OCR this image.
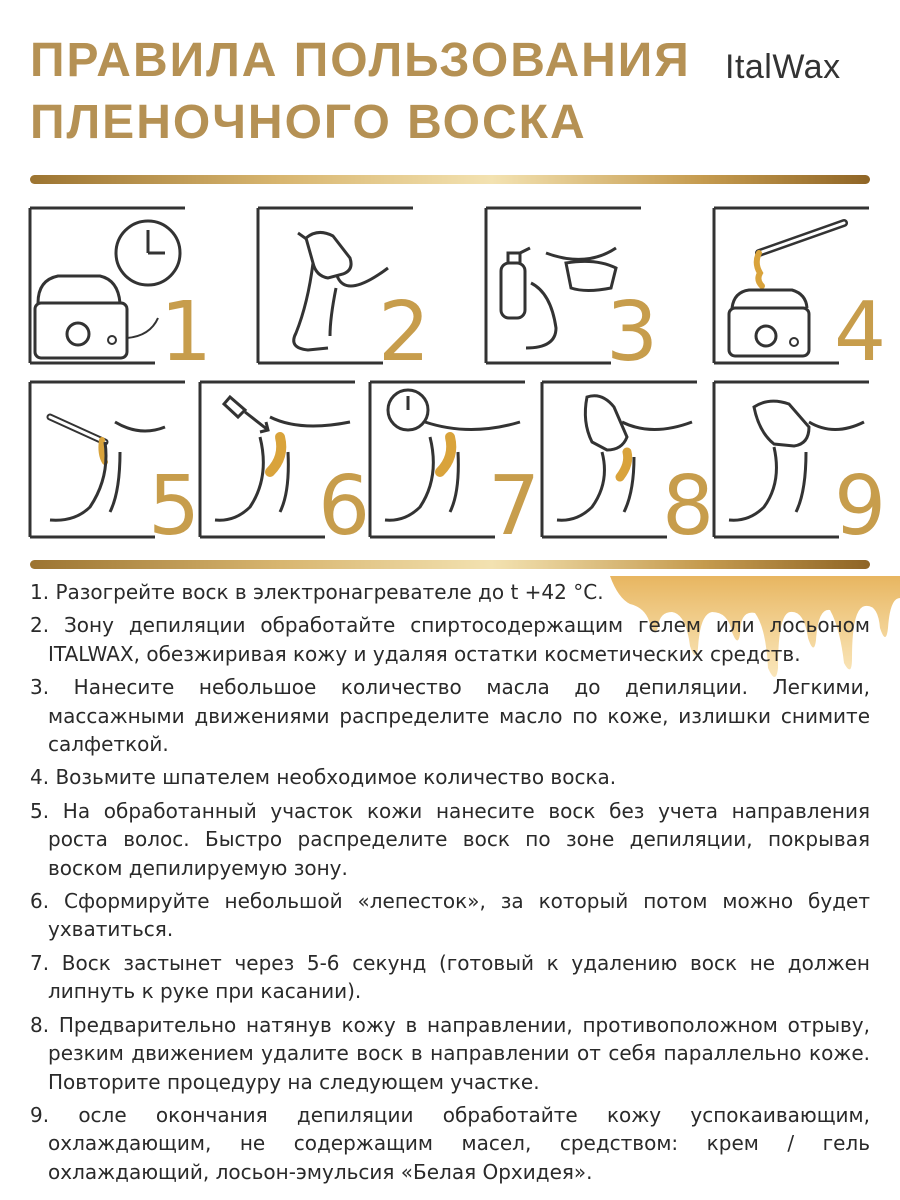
ПРАВИЛА ПОЛЬЗОВАНИЯ
ПЛЕНОЧНОГО ВОСКА
ItalWax
1 2 3 4
5 6 7 8 9
1. Разогрейте воск в электронагревателе до t +42 °С.
2. Зону депиляции обработайте спиртосодержащим гелем или лосьоном ITALWAX, обезжиривая кожу и удаляя остатки косметических средств.
3. Нанесите небольшое количество масла до депиляции. Легкими, массажными движениями распределите масло по коже, излишки снимите салфеткой.
4. Возьмите шпателем необходимое количество воска.
5. На обработанный участок кожи нанесите воск без учета направления роста волос. Быстро распределите воск по зоне депиляции, покрывая воском депилируемую зону.
6. Сформируйте небольшой «лепесток», за который потом можно будет ухватиться.
7. Воск застынет через 5-6 секунд (готовый к удалению воск не должен липнуть к руке при касании).
8. Предварительно натянув кожу в направлении, противоположном отрыву, резким движением удалите воск в направлении от себя параллельно коже. Повторите процедуру на следующем участке.
9. осле окончания депиляции обработайте кожу успокаивающим, охлаждающим, не содержащим масел, средством: крем / гель охлаждающий, лосьон-эмульсия «Белая Орхидея».
